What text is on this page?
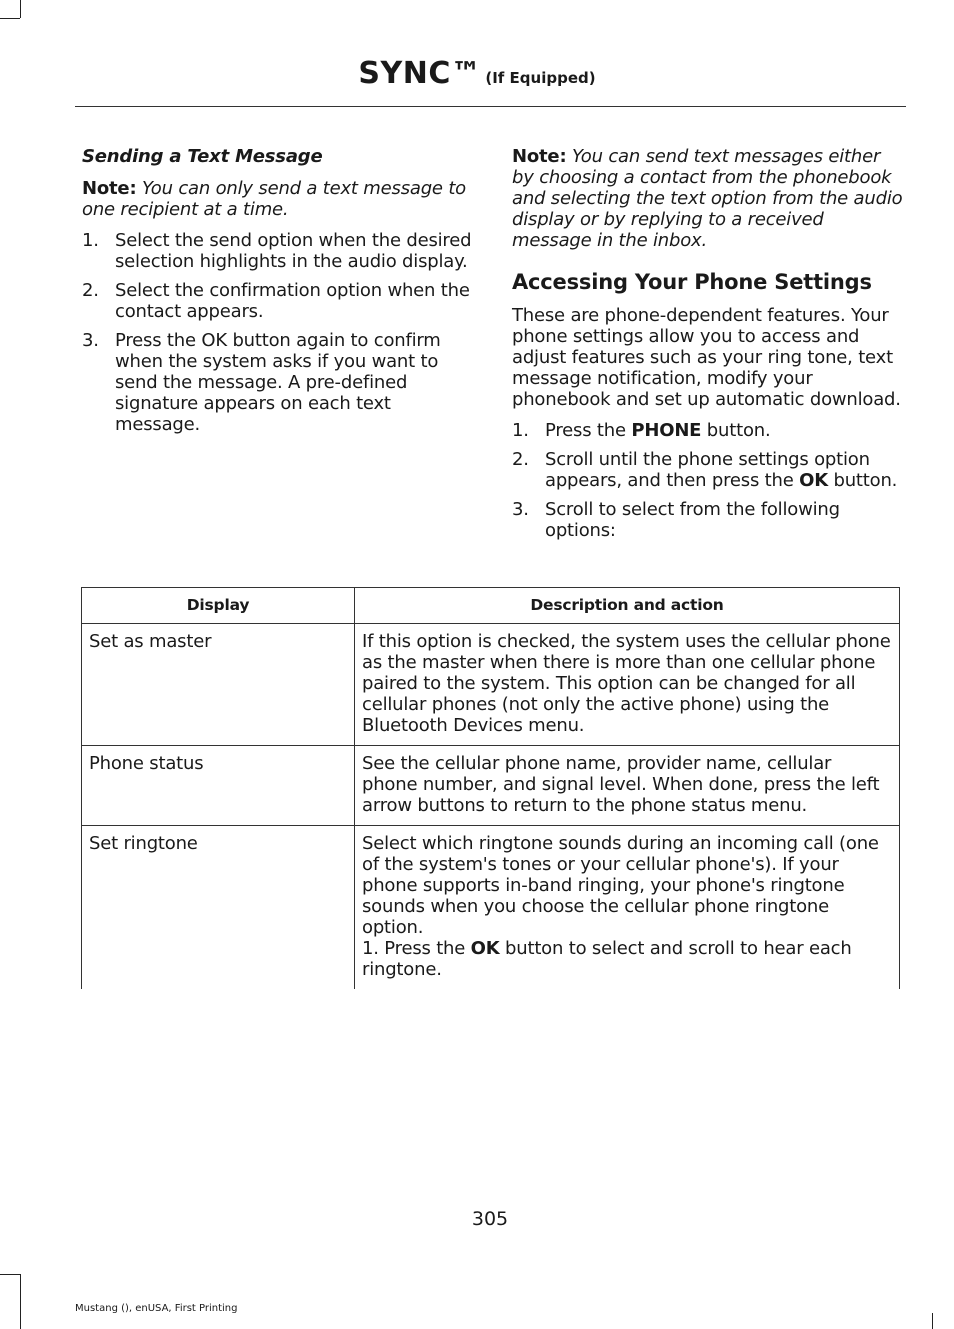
SYNC™ (If Equipped)
Sending a Text Message
Note: You can only send a text message to one recipient at a time.
1. Select the send option when the desired selection highlights in the audio display.
2. Select the confirmation option when the contact appears.
3. Press the OK button again to confirm when the system asks if you want to send the message. A pre-defined signature appears on each text message.
Note: You can send text messages either by choosing a contact from the phonebook and selecting the text option from the audio display or by replying to a received message in the inbox.
Accessing Your Phone Settings
These are phone-dependent features. Your phone settings allow you to access and adjust features such as your ring tone, text message notification, modify your phonebook and set up automatic download.
1. Press the PHONE button.
2. Scroll until the phone settings option appears, and then press the OK button.
3. Scroll to select from the following options:
Display	Description and action
Set as master	If this option is checked, the system uses the cellular phone as the master when there is more than one cellular phone paired to the system. This option can be changed for all cellular phones (not only the active phone) using the Bluetooth Devices menu.
Phone status	See the cellular phone name, provider name, cellular phone number, and signal level. When done, press the left arrow buttons to return to the phone status menu.
Set ringtone	Select which ringtone sounds during an incoming call (one of the system's tones or your cellular phone's). If your phone supports in-band ringing, your phone's ringtone sounds when you choose the cellular phone ringtone option.
1. Press the OK button to select and scroll to hear each ringtone.
305
Mustang (), enUSA, First Printing
